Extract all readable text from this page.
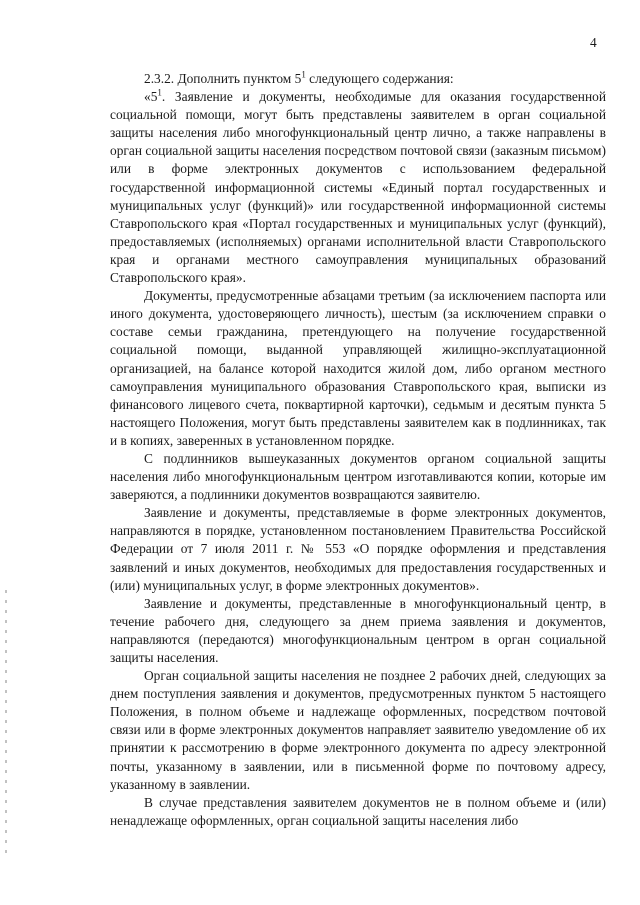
4

2.3.2. Дополнить пунктом $5^1$ следующего содержания:

«$5^1$. Заявление и документы, необходимые для оказания государственной социальной помощи, могут быть представлены заявителем в орган социальной защиты населения либо многофункциональный центр лично, а также направлены в орган социальной защиты населения посредством почтовой связи (заказным письмом) или в форме электронных документов с использованием федеральной государственной информационной системы «Единый портал государственных и муниципальных услуг (функций)» или государственной информационной системы Ставропольского края «Портал государственных и муниципальных услуг (функций), предоставляемых (исполняемых) органами исполнительной власти Ставропольского края и органами местного самоуправления муниципальных образований Ставропольского края».

Документы, предусмотренные абзацами третьим (за исключением паспорта или иного документа, удостоверяющего личность), шестым (за исключением справки о составе семьи гражданина, претендующего на получение государственной социальной помощи, выданной управляющей жилищно-эксплуатационной организацией, на балансе которой находится жилой дом, либо органом местного самоуправления муниципального образования Ставропольского края, выписки из финансового лицевого счета, поквартирной карточки), седьмым и десятым пункта 5 настоящего Положения, могут быть представлены заявителем как в подлинниках, так и в копиях, заверенных в установленном порядке.

С подлинников вышеуказанных документов органом социальной защиты населения либо многофункциональным центром изготавливаются копии, которые им заверяются, а подлинники документов возвращаются заявителю.

Заявление и документы, представляемые в форме электронных документов, направляются в порядке, установленном постановлением Правительства Российской Федерации от 7 июля 2011 г. № 553 «О порядке оформления и представления заявлений и иных документов, необходимых для предоставления государственных и (или) муниципальных услуг, в форме электронных документов».

Заявление и документы, представленные в многофункциональный центр, в течение рабочего дня, следующего за днем приема заявления и документов, направляются (передаются) многофункциональным центром в орган социальной защиты населения.

Орган социальной защиты населения не позднее 2 рабочих дней, следующих за днем поступления заявления и документов, предусмотренных пунктом 5 настоящего Положения, в полном объеме и надлежаще оформленных, посредством почтовой связи или в форме электронных документов направляет заявителю уведомление об их принятии к рассмотрению в форме электронного документа по адресу электронной почты, указанному в заявлении, или в письменной форме по почтовому адресу, указанному в заявлении.

В случае представления заявителем документов не в полном объеме и (или) ненадлежаще оформленных, орган социальной защиты населения либо
